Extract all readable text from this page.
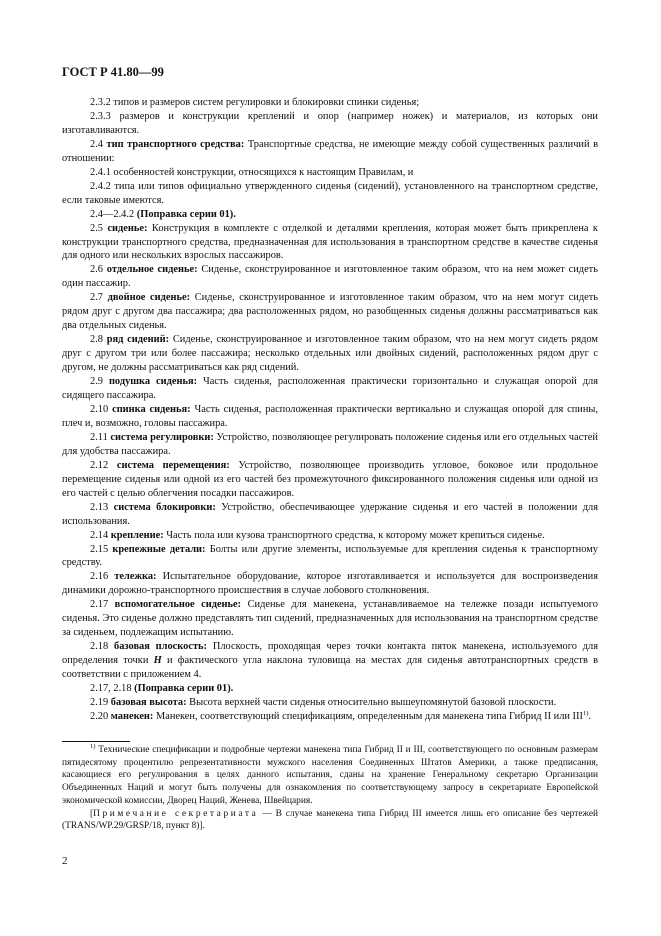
ГОСТ Р 41.80—99

2.3.2 типов и размеров систем регулировки и блокировки спинки сиденья;

2.3.3 размеров и конструкции креплений и опор (например ножек) и материалов, из которых они изготавливаются.

2.4 тип транспортного средства: Транспортные средства, не имеющие между собой существенных различий в отношении:

2.4.1 особенностей конструкции, относящихся к настоящим Правилам, и

2.4.2 типа или типов официально утвержденного сиденья (сидений), установленного на транспортном средстве, если таковые имеются.

2.4—2.4.2 (Поправка серии 01).

2.5 сиденье: Конструкция в комплекте с отделкой и деталями крепления, которая может быть прикреплена к конструкции транспортного средства, предназначенная для использования в транспортном средстве в качестве сиденья для одного или нескольких взрослых пассажиров.

2.6 отдельное сиденье: Сиденье, сконструированное и изготовленное таким образом, что на нем может сидеть один пассажир.

2.7 двойное сиденье: Сиденье, сконструированное и изготовленное таким образом, что на нем могут сидеть рядом друг с другом два пассажира; два расположенных рядом, но разобщенных сиденья должны рассматриваться как два отдельных сиденья.

2.8 ряд сидений: Сиденье, сконструированное и изготовленное таким образом, что на нем могут сидеть рядом друг с другом три или более пассажира; несколько отдельных или двойных сидений, расположенных рядом друг с другом, не должны рассматриваться как ряд сидений.

2.9 подушка сиденья: Часть сиденья, расположенная практически горизонтально и служащая опорой для сидящего пассажира.

2.10 спинка сиденья: Часть сиденья, расположенная практически вертикально и служащая опорой для спины, плеч и, возможно, головы пассажира.

2.11 система регулировки: Устройство, позволяющее регулировать положение сиденья или его отдельных частей для удобства пассажира.

2.12 система перемещения: Устройство, позволяющее производить угловое, боковое или продольное перемещение сиденья или одной из его частей без промежуточного фиксированного положения сиденья или одной из его частей с целью облегчения посадки пассажиров.

2.13 система блокировки: Устройство, обеспечивающее удержание сиденья и его частей в положении для использования.

2.14 крепление: Часть пола или кузова транспортного средства, к которому может крепиться сиденье.

2.15 крепежные детали: Болты или другие элементы, используемые для крепления сиденья к транспортному средству.

2.16 тележка: Испытательное оборудование, которое изготавливается и используется для воспроизведения динамики дорожно-транспортного происшествия в случае лобового столкновения.

2.17 вспомогательное сиденье: Сиденье для манекена, устанавливаемое на тележке позади испытуемого сиденья. Это сиденье должно представлять тип сидений, предназначенных для использования на транспортном средстве за сиденьем, подлежащим испытанию.

2.18 базовая плоскость: Плоскость, проходящая через точки контакта пяток манекена, используемого для определения точки H и фактического угла наклона туловища на местах для сиденья автотранспортных средств в соответствии с приложением 4.

2.17, 2.18 (Поправка серии 01).

2.19 базовая высота: Высота верхней части сиденья относительно вышеупомянутой базовой плоскости.

2.20 манекен: Манекен, соответствующий спецификациям, определенным для манекена типа Гибрид II или III$^{1)}$.

$^{1)}$ Технические спецификации и подробные чертежи манекена типа Гибрид II и III, соответствующего по основным размерам пятидесятому процентилю репрезентативности мужского населения Соединенных Штатов Америки, а также предписания, касающиеся его регулирования в целях данного испытания, сданы на хранение Генеральному секретарю Организации Объединенных Наций и могут быть получены для ознакомления по соответствующему запросу в секретариате Европейской экономической комиссии, Дворец Наций, Женева, Швейцария.

[Примечание секретариата — В случае манекена типа Гибрид III имеется лишь его описание без чертежей (TRANS/WP.29/GRSP/18, пункт 8)].

2
